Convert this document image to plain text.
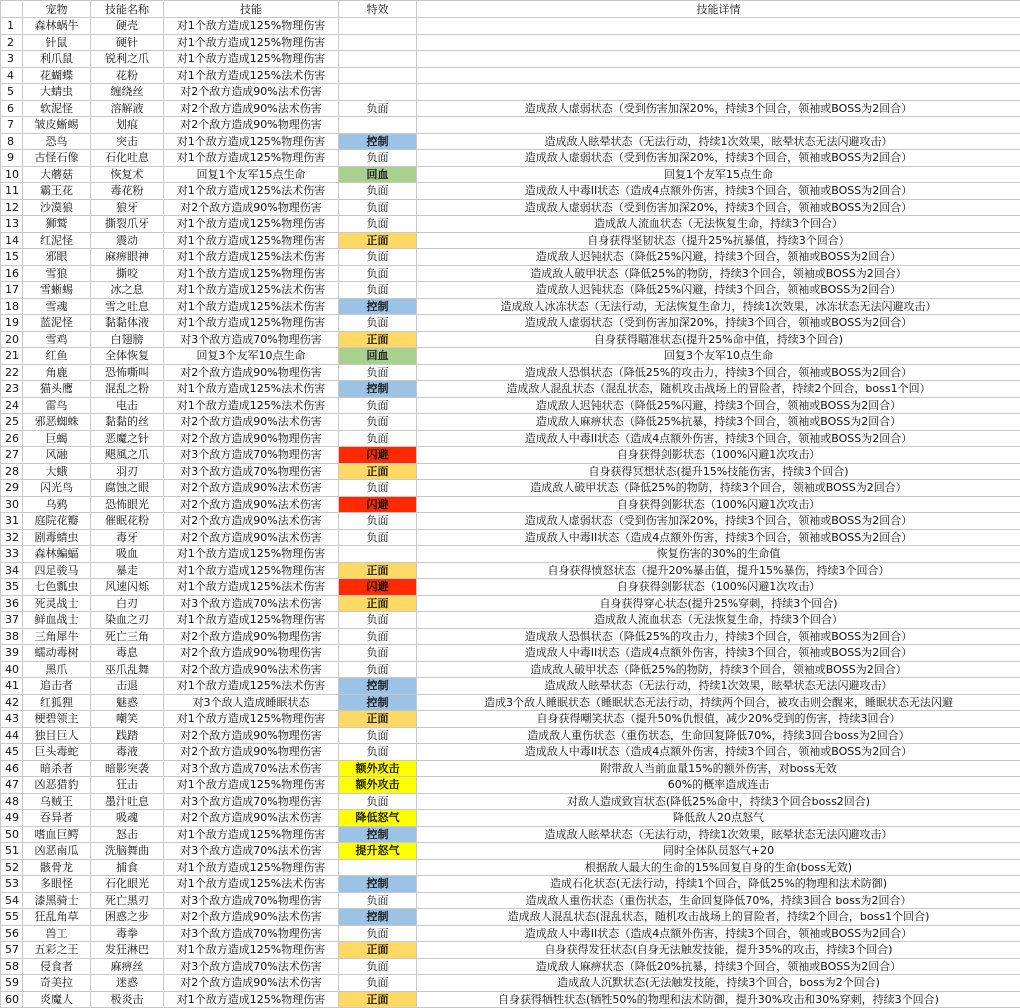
	宠物	技能名称	技能	特效	技能详情
1	森林蜗牛	硬壳	对1个敌方造成125%物理伤害		
2	针鼠	硬针	对1个敌方造成125%物理伤害		
3	利爪鼠	锐利之爪	对1个敌方造成125%物理伤害		
4	花蝴蝶	花粉	对1个敌方造成125%法术伤害		
5	大蜻虫	缠绕丝	对2个敌方造成90%法术伤害		
6	软泥怪	溶解液	对2个敌方造成90%法术伤害	负面	造成敌人虚弱状态（受到伤害加深20%，持续3个回合，领袖或BOSS为2回合）
7	皱皮蜥蜴	划痕	对2个敌方造成90%物理伤害		
8	恐鸟	突击	对1个敌方造成125%物理伤害	控制	造成敌人眩晕状态（无法行动，持续1次效果，眩晕状态无法闪避攻击）
9	古怪石像	石化吐息	对1个敌方造成125%物理伤害	负面	造成敌人虚弱状态（受到伤害加深20%，持续3个回合，领袖或BOSS为2回合）
10	大蘑菇	恢复术	回复1个友军15点生命	回血	回复1个友军15点生命
11	霸王花	毒花粉	对1个敌方造成125%法术伤害	负面	造成敌人中毒II状态（造成4点额外伤害，持续3个回合，领袖或BOSS为2回合）
12	沙漠狼	狼牙	对2个敌方造成90%物理伤害	负面	造成敌人虚弱状态（受到伤害加深20%，持续3个回合，领袖或BOSS为2回合）
13	狮鹫	撕裂爪牙	对1个敌方造成125%物理伤害	负面	造成敌人流血状态（无法恢复生命，持续3个回合）
14	红泥怪	震动	对1个敌方造成125%物理伤害	正面	自身获得坚韧状态（提升25%抗暴值，持续3个回合）
15	邪眼	麻痹眼神	对1个敌方造成125%法术伤害	负面	造成敌人迟钝状态（降低25%闪避，持续3个回合，领袖或BOSS为2回合）
16	雪狼	撕咬	对1个敌方造成125%物理伤害	负面	造成敌人破甲状态（降低25%的物防，持续3个回合，领袖或BOSS为2回合）
17	雪蜥蜴	冰之息	对1个敌方造成125%法术伤害	负面	造成敌人迟钝状态（降低25%闪避，持续3个回合，领袖或BOSS为2回合）
18	雪魂	雪之吐息	对1个敌方造成125%法术伤害	控制	造成敌人冰冻状态（无法行动，无法恢复生命力，持续1次效果，冰冻状态无法闪避攻击）
19	蓝泥怪	黏黏体液	对1个敌方造成125%物理伤害	负面	造成敌人虚弱状态（受到伤害加深20%，持续3个回合，领袖或BOSS为2回合）
20	雪鸡	白翅膀	对3个敌方造成70%物理伤害	正面	自身获得瞄准状态(提升25%命中值，持续3个回合)
21	红鱼	全体恢复	回复3个友军10点生命	回血	回复3个友军10点生命
22	角鹿	恐怖嘶叫	对2个敌方造成90%物理伤害	负面	造成敌人恐惧状态（降低25%的攻击力，持续3个回合，领袖或BOSS为2回合）
23	猫头鹰	混乱之粉	对1个敌方造成125%法术伤害	控制	造成敌人混乱状态（混乱状态，随机攻击战场上的冒险者，持续2个回合，boss1个回）
24	雷鸟	电击	对1个敌方造成125%法术伤害	负面	造成敌人迟钝状态（降低25%闪避，持续3个回合，领袖或BOSS为2回合）
25	邪恶蜘蛛	黏黏的丝	对2个敌方造成90%法术伤害	负面	造成敌人麻痹状态（降低25%抗暴，持续3个回合，领袖或BOSS为2回合）
26	巨蝎	恶魔之针	对2个敌方造成90%物理伤害	负面	造成敌人中毒II状态（造成4点额外伤害，持续3个回合，领袖或BOSS为2回合）
27	风融	飓風之爪	对3个敌方造成70%物理伤害	闪避	自身获得剑影状态（100%闪避1次攻击）
28	大蛾	羽刃	对3个敌方造成70%物理伤害	正面	自身获得冥想状态(提升15%技能伤害，持续3个回合)
29	闪光鸟	腐蚀之眼	对2个敌方造成90%法术伤害	负面	造成敌人破甲状态（降低25%的物防，持续3个回合，领袖或BOSS为2回合）
30	乌鸦	恐怖眼光	对2个敌方造成90%法术伤害	闪避	自身获得剑影状态（100%闪避1次攻击）
31	庭院花瓣	催眠花粉	对2个敌方造成90%法术伤害	负面	造成敌人虚弱状态（受到伤害加深20%，持续3个回合，领袖或BOSS为2回合）
32	剧毒蜻虫	毒牙	对2个敌方造成90%法术伤害	负面	造成敌人中毒II状态（造成4点额外伤害，持续3个回合，领袖或BOSS为2回合）
33	森林蝙蝠	吸血	对1个敌方造成125%物理伤害		恢复伤害的30%的生命值
34	四足骏马	暴走	对1个敌方造成125%物理伤害	正面	自身获得愤怒状态（提升20%暴击值，提升15%暴伤，持续3个回合）
35	七色瓢虫	风速闪烁	对1个敌方造成125%法术伤害	闪避	自身获得剑影状态（100%闪避1次攻击）
36	死灵战士	白刃	对3个敌方造成70%法术伤害	正面	自身获得穿心状态(提升25%穿刺，持续3个回合)
37	鲜血战士	染血之刃	对1个敌方造成125%物理伤害	负面	造成敌人流血状态（无法恢复生命，持续3个回合）
38	三角犀牛	死亡三角	对2个敌方造成90%物理伤害	负面	造成敌人恐惧状态（降低25%的攻击力，持续3个回合，领袖或BOSS为2回合）
39	蠕动毒树	毒息	对2个敌方造成90%物理伤害	负面	造成敌人中毒II状态（造成4点额外伤害，持续3个回合，领袖或BOSS为2回合）
40	黑爪	巫爪乱舞	对2个敌方造成90%法术伤害	负面	造成敌人破甲状态（降低25%的物防，持续3个回合，领袖或BOSS为2回合）
41	追击者	击退	对1个敌方造成125%法术伤害	控制	造成敌人眩晕状态（无法行动，持续1次效果，眩晕状态无法闪避攻击）
42	红狐狸	魅惑	对3个敌人造成睡眠状态	控制	造成3个敌人睡眠状态（睡眠状态无法行动，持续两个回合，被攻击则会醒来，睡眠状态无法闪避
43	梗碧领主	嘲笑	对1个敌方造成125%物理伤害	正面	自身获得嘲笑状态（提升50%仇恨值，减少20%受到的伤害，持续3回合）
44	独目巨人	践踏	对2个敌方造成90%物理伤害	负面	造成敌人重伤状态（重伤状态，生命回复降低70%，持续3回合boss为2回合）
45	巨头毒蛇	毒液	对2个敌方造成90%物理伤害	负面	造成敌人中毒II状态（造成4点额外伤害，持续3个回合，领袖或BOSS为2回合）
46	暗杀者	暗影突袭	对3个敌方造成70%法术伤害	额外攻击	附带敌人当前血量15%的额外伤害，对boss无效
47	凶恶猎豹	狂击	对1个敌方造成125%物理伤害	额外攻击	60%的概率造成连击
48	乌贼王	墨汁吐息	对3个敌方造成70%物理伤害	负面	对敌人造成致盲状态(降低25%命中，持续3个回合boss2回合)
49	吞异者	吸魂	对2个敌方造成90%法术伤害	降低怒气	降低敌人20点怒气
50	嗜血巨鳄	怒击	对1个敌方造成125%物理伤害	控制	造成敌人眩晕状态（无法行动，持续1次效果，眩晕状态无法闪避攻击）
51	凶恶南瓜	洗脑舞曲	对3个敌方造成70%法术伤害	提升怒气	同时全体队员怒气+20
52	骸骨龙	捕食	对1个敌方造成125%物理伤害		根据敌人最大的生命的15%回复自身的生命(boss无效)
53	多眼怪	石化眼光	对1个敌方造成125%法术伤害	控制	造成石化状态(无法行动，持续1个回合，降低25%的物理和法术防御)
54	漆黑骑士	死亡黑刃	对3个敌方造成70%物理伤害	负面	造成敌人重伤状态（重伤状态，生命回复降低70%，持续3回合 boss为2回合）
55	狂乱角草	困惑之步	对2个敌方造成90%法术伤害	控制	造成敌人混乱状态(混乱状态，随机攻击战场上的冒险者，持续2个回合，boss1个回合)
56	兽工	毒拳	对3个敌方造成70%物理伤害	负面	造成敌人中毒II状态（造成4点额外伤害，持续3个回合，领袖或BOSS为2回合）
57	五彩之王	发狂淋巴	对1个敌方造成125%物理伤害	正面	自身获得发狂状态(自身无法触发技能，提升35%的攻击，持续3个回合)
58	侵食者	麻痹丝	对3个敌方造成70%法术伤害	负面	造成敌人麻痹状态（降低20%抗暴，持续3个回合，领袖或BOSS为2回合）
59	奇美拉	迷惑	对2个敌方造成90%法术伤害	负面	造成敌人沉默状态(无法触发技能，持续3个回合，boss为2个回合)
60	炎魔人	极炎击	对1个敌方造成125%物理伤害	正面	自身获得牺牲状态(牺牲50%的物理和法术防御，提升30%攻击和30%穿刺，持续3个回合)
